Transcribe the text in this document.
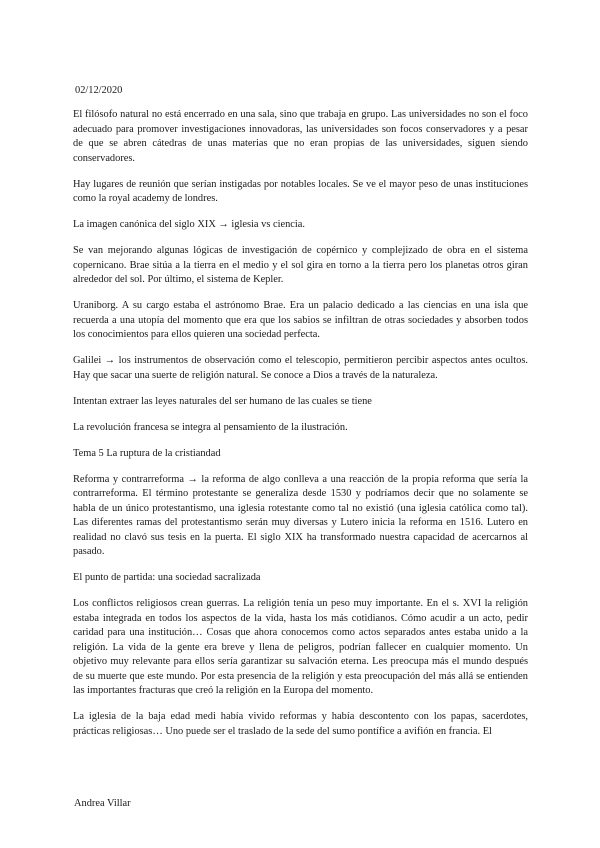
02/12/2020

El filósofo natural no está encerrado en una sala, sino que trabaja en grupo. Las universidades no son el foco adecuado para promover investigaciones innovadoras, las universidades son focos conservadores y a pesar de que se abren cátedras de unas materias que no eran propias de las universidades, siguen siendo conservadores.

Hay lugares de reunión que serían instigadas por notables locales. Se ve el mayor peso de unas instituciones como la royal academy de londres.

La imagen canónica del siglo XIX → iglesia vs ciencia.

Se van mejorando algunas lógicas de investigación de copérnico y complejizado de obra en el sistema copernicano. Brae sitúa a la tierra en el medio y el sol gira en torno a la tierra pero los planetas otros giran alrededor del sol. Por último, el sistema de Kepler.

Uraniborg. A su cargo estaba el astrónomo Brae. Era un palacio dedicado a las ciencias en una isla que recuerda a una utopía del momento que era que los sabios se infiltran de otras sociedades y absorben todos los conocimientos para ellos quieren una sociedad perfecta.

Galilei → los instrumentos de observación como el telescopio, permitieron percibir aspectos antes ocultos. Hay que sacar una suerte de religión natural. Se conoce a Dios a través de la naturaleza.

Intentan extraer las leyes naturales del ser humano de las cuales se tiene

La revolución francesa se integra al pensamiento de la ilustración.

Tema 5 La ruptura de la cristiandad

Reforma y contrarreforma → la reforma de algo conlleva a una reacción de la propia reforma que sería la contrarreforma. El término protestante se generaliza desde 1530 y podríamos decir que no solamente se habla de un único protestantismo, una iglesia rotestante como tal no existió (una iglesia católica como tal). Las diferentes ramas del protestantismo serán muy diversas y Lutero inicia la reforma en 1516. Lutero en realidad no clavó sus tesis en la puerta. El siglo XIX ha transformado nuestra capacidad de acercarnos al pasado.

El punto de partida: una sociedad sacralizada

Los conflictos religiosos crean guerras. La religión tenía un peso muy importante. En el s. XVI la religión estaba integrada en todos los aspectos de la vida, hasta los más cotidianos. Cómo acudir a un acto, pedir caridad para una institución… Cosas que ahora conocemos como actos separados antes estaba unido a la religión. La vida de la gente era breve y llena de peligros, podrían fallecer en cualquier momento. Un objetivo muy relevante para ellos sería garantizar su salvación eterna. Les preocupa más el mundo después de su muerte que este mundo. Por esta presencia de la religión y esta preocupación del más allá se entienden las importantes fracturas que creó la religión en la Europa del momento.

La iglesia de la baja edad medi había vivido reformas y había descontento con los papas, sacerdotes, prácticas religiosas… Uno puede ser el traslado de la sede del sumo pontífice a avifión en francia. El

Andrea Villar
